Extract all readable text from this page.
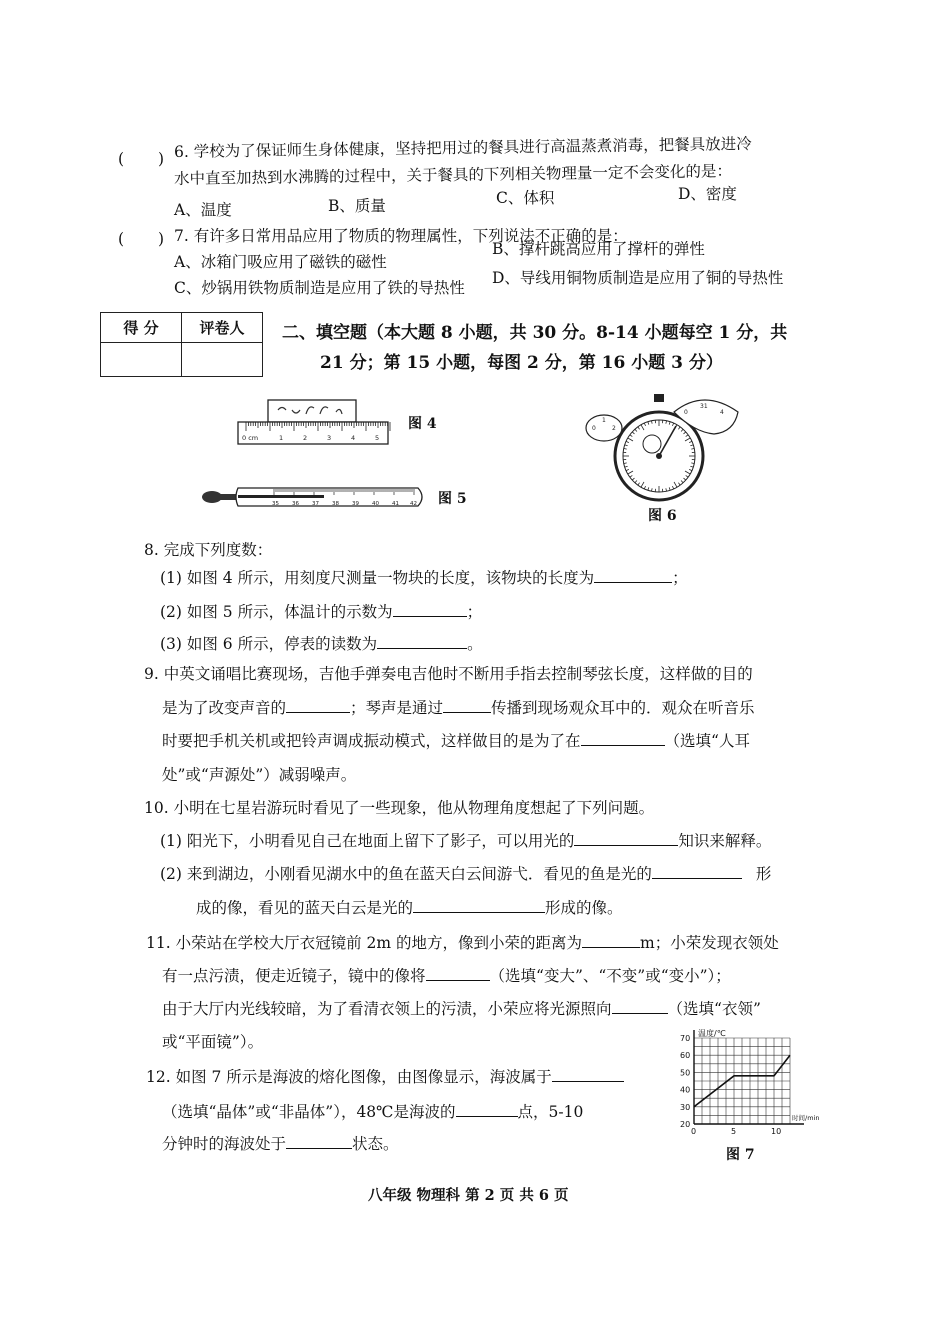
( ) 6. 学校为了保证师生身体健康，坚持把用过的餐具进行高温蒸煮消毒，把餐具放进冷
水中直至加热到水沸腾的过程中，关于餐具的下列相关物理量一定不会变化的是：
A、温度	B、质量	C、体积	D、密度
( ) 7. 有许多日常用品应用了物质的物理属性，下列说法不正确的是：
A、冰箱门吸应用了磁铁的磁性
B、撑杆跳高应用了撑杆的弹性
C、炒锅用铁物质制造是应用了铁的导热性
D、导线用铜物质制造是应用了铜的导热性
得 分	评卷人
	二、填空题（本大题 8 小题，共 30 分。8-14 小题每空 1 分，共
21 分；第 15 小题，每图 2 分，第 16 小题 3 分）
0 cm	1	2	3	4	5
图 4
35 36 37 38 39 40 41 42 图 5
0
1
2
0
31
4
图 6
8. 完成下列度数：
(1) 如图 4 所示，用刻度尺测量一物块的长度，该物块的长度为	；
(2) 如图 5 所示，体温计的示数为	；
(3) 如图 6 所示，停表的读数为	。
9. 中英文诵唱比赛现场，吉他手弹奏电吉他时不断用手指去控制琴弦长度，这样做的目的
是为了改变声音的	；琴声是通过	传播到现场观众耳中的．观众在听音乐
时要把手机关机或把铃声调成振动模式，这样做目的是为了在	（选填“人耳
处”或“声源处”）减弱噪声。
10. 小明在七星岩游玩时看见了一些现象，他从物理角度想起了下列问题。
(1) 阳光下，小明看见自己在地面上留下了影子，可以用光的	知识来解释。
(2) 来到湖边，小刚看见湖水中的鱼在蓝天白云间游弋．看见的鱼是光的	形
成的像，看见的蓝天白云是光的	形成的像。
11. 小荣站在学校大厅衣冠镜前 2m 的地方，像到小荣的距离为	m；小荣发现衣领处
有一点污渍，便走近镜子，镜中的像将	（选填“变大”、“不变”或“变小”）；
由于大厅内光线较暗，为了看清衣领上的污渍，小荣应将光源照向	（选填“衣领”
或“平面镜”）。
12. 如图 7 所示是海波的熔化图像，由图像显示，海波属于
（选填“晶体”或“非晶体”），48℃是海波的	点，5-10
分钟时的海波处于	状态。
20
30
40
50
60
70
0	5	10
温度/℃
时间/min
图 7
八年级 物理科 第 2 页 共 6 页
